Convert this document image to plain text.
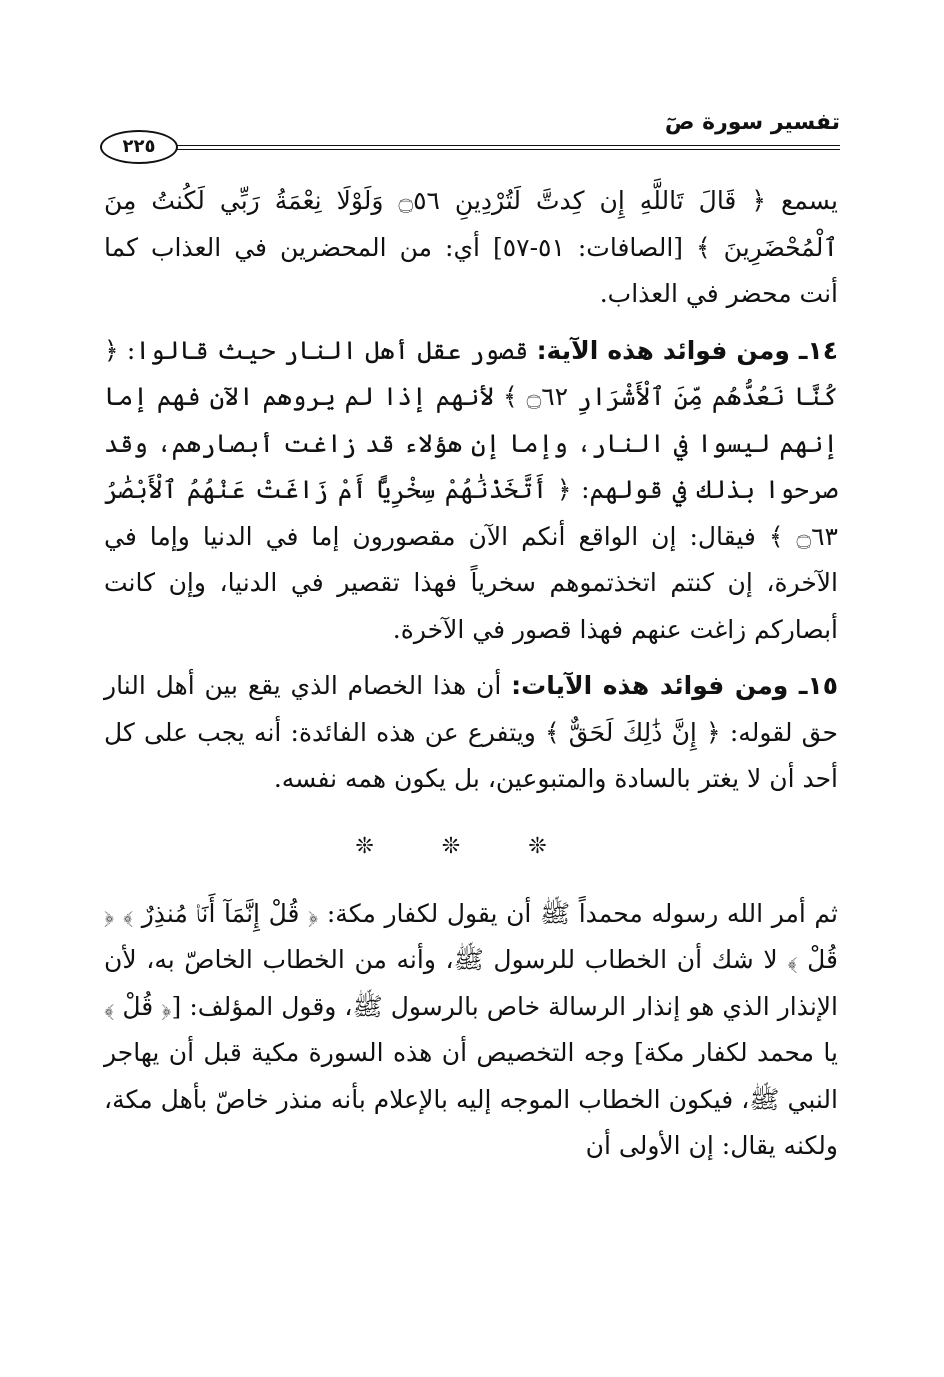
تفسير سورة صٓ
٢٢٥

يسمع ﴿ قَالَ تَاللَّهِ إِن كِدتَّ لَتُرْدِينِ ۝٥٦ وَلَوْلَا نِعْمَةُ رَبِّي لَكُنتُ مِنَ ٱلْمُحْضَرِينَ ﴾ [الصافات: ٥١-٥٧] أي: من المحضرين في العذاب كما أنت محضر في العذاب.

١٤ـ ومن فوائد هذه الآية: قصور عقل أهل النار حيث قالوا: ﴿ كُنَّا نَعُدُّهُم مِّنَ ٱلْأَشْرَارِ ۝٦٢ ﴾ لأنهم إذا لم يروهم الآن فهم إما إنهم ليسوا في النار، وإما إن هؤلاء قد زاغت أبصارهم، وقد صرحوا بذلك في قولهم: ﴿ أَتَّخَذْنَٰهُمْ سِخْرِيًّا أَمْ زَاغَتْ عَنْهُمُ ٱلْأَبْصَٰرُ ۝٦٣ ﴾ فيقال: إن الواقع أنكم الآن مقصورون إما في الدنيا وإما في الآخرة، إن كنتم اتخذتموهم سخرياً فهذا تقصير في الدنيا، وإن كانت أبصاركم زاغت عنهم فهذا قصور في الآخرة.

١٥ـ ومن فوائد هذه الآيات: أن هذا الخصام الذي يقع بين أهل النار حق لقوله: ﴿ إِنَّ ذَٰلِكَ لَحَقٌّ ﴾ ويتفرع عن هذه الفائدة: أنه يجب على كل أحد أن لا يغتر بالسادة والمتبوعين، بل يكون همه نفسه.

❊ ❊ ❊

ثم أمر الله رسوله محمداً ﷺ أن يقول لكفار مكة: ﴿ قُلْ إِنَّمَآ أَنَا۠ مُنذِرٌ ﴾ ﴿ قُلْ ﴾ لا شك أن الخطاب للرسول ﷺ، وأنه من الخطاب الخاصّ به، لأن الإنذار الذي هو إنذار الرسالة خاص بالرسول ﷺ، وقول المؤلف: [﴿ قُلْ ﴾ يا محمد لكفار مكة] وجه التخصيص أن هذه السورة مكية قبل أن يهاجر النبي ﷺ، فيكون الخطاب الموجه إليه بالإعلام بأنه منذر خاصّ بأهل مكة، ولكنه يقال: إن الأولى أن
